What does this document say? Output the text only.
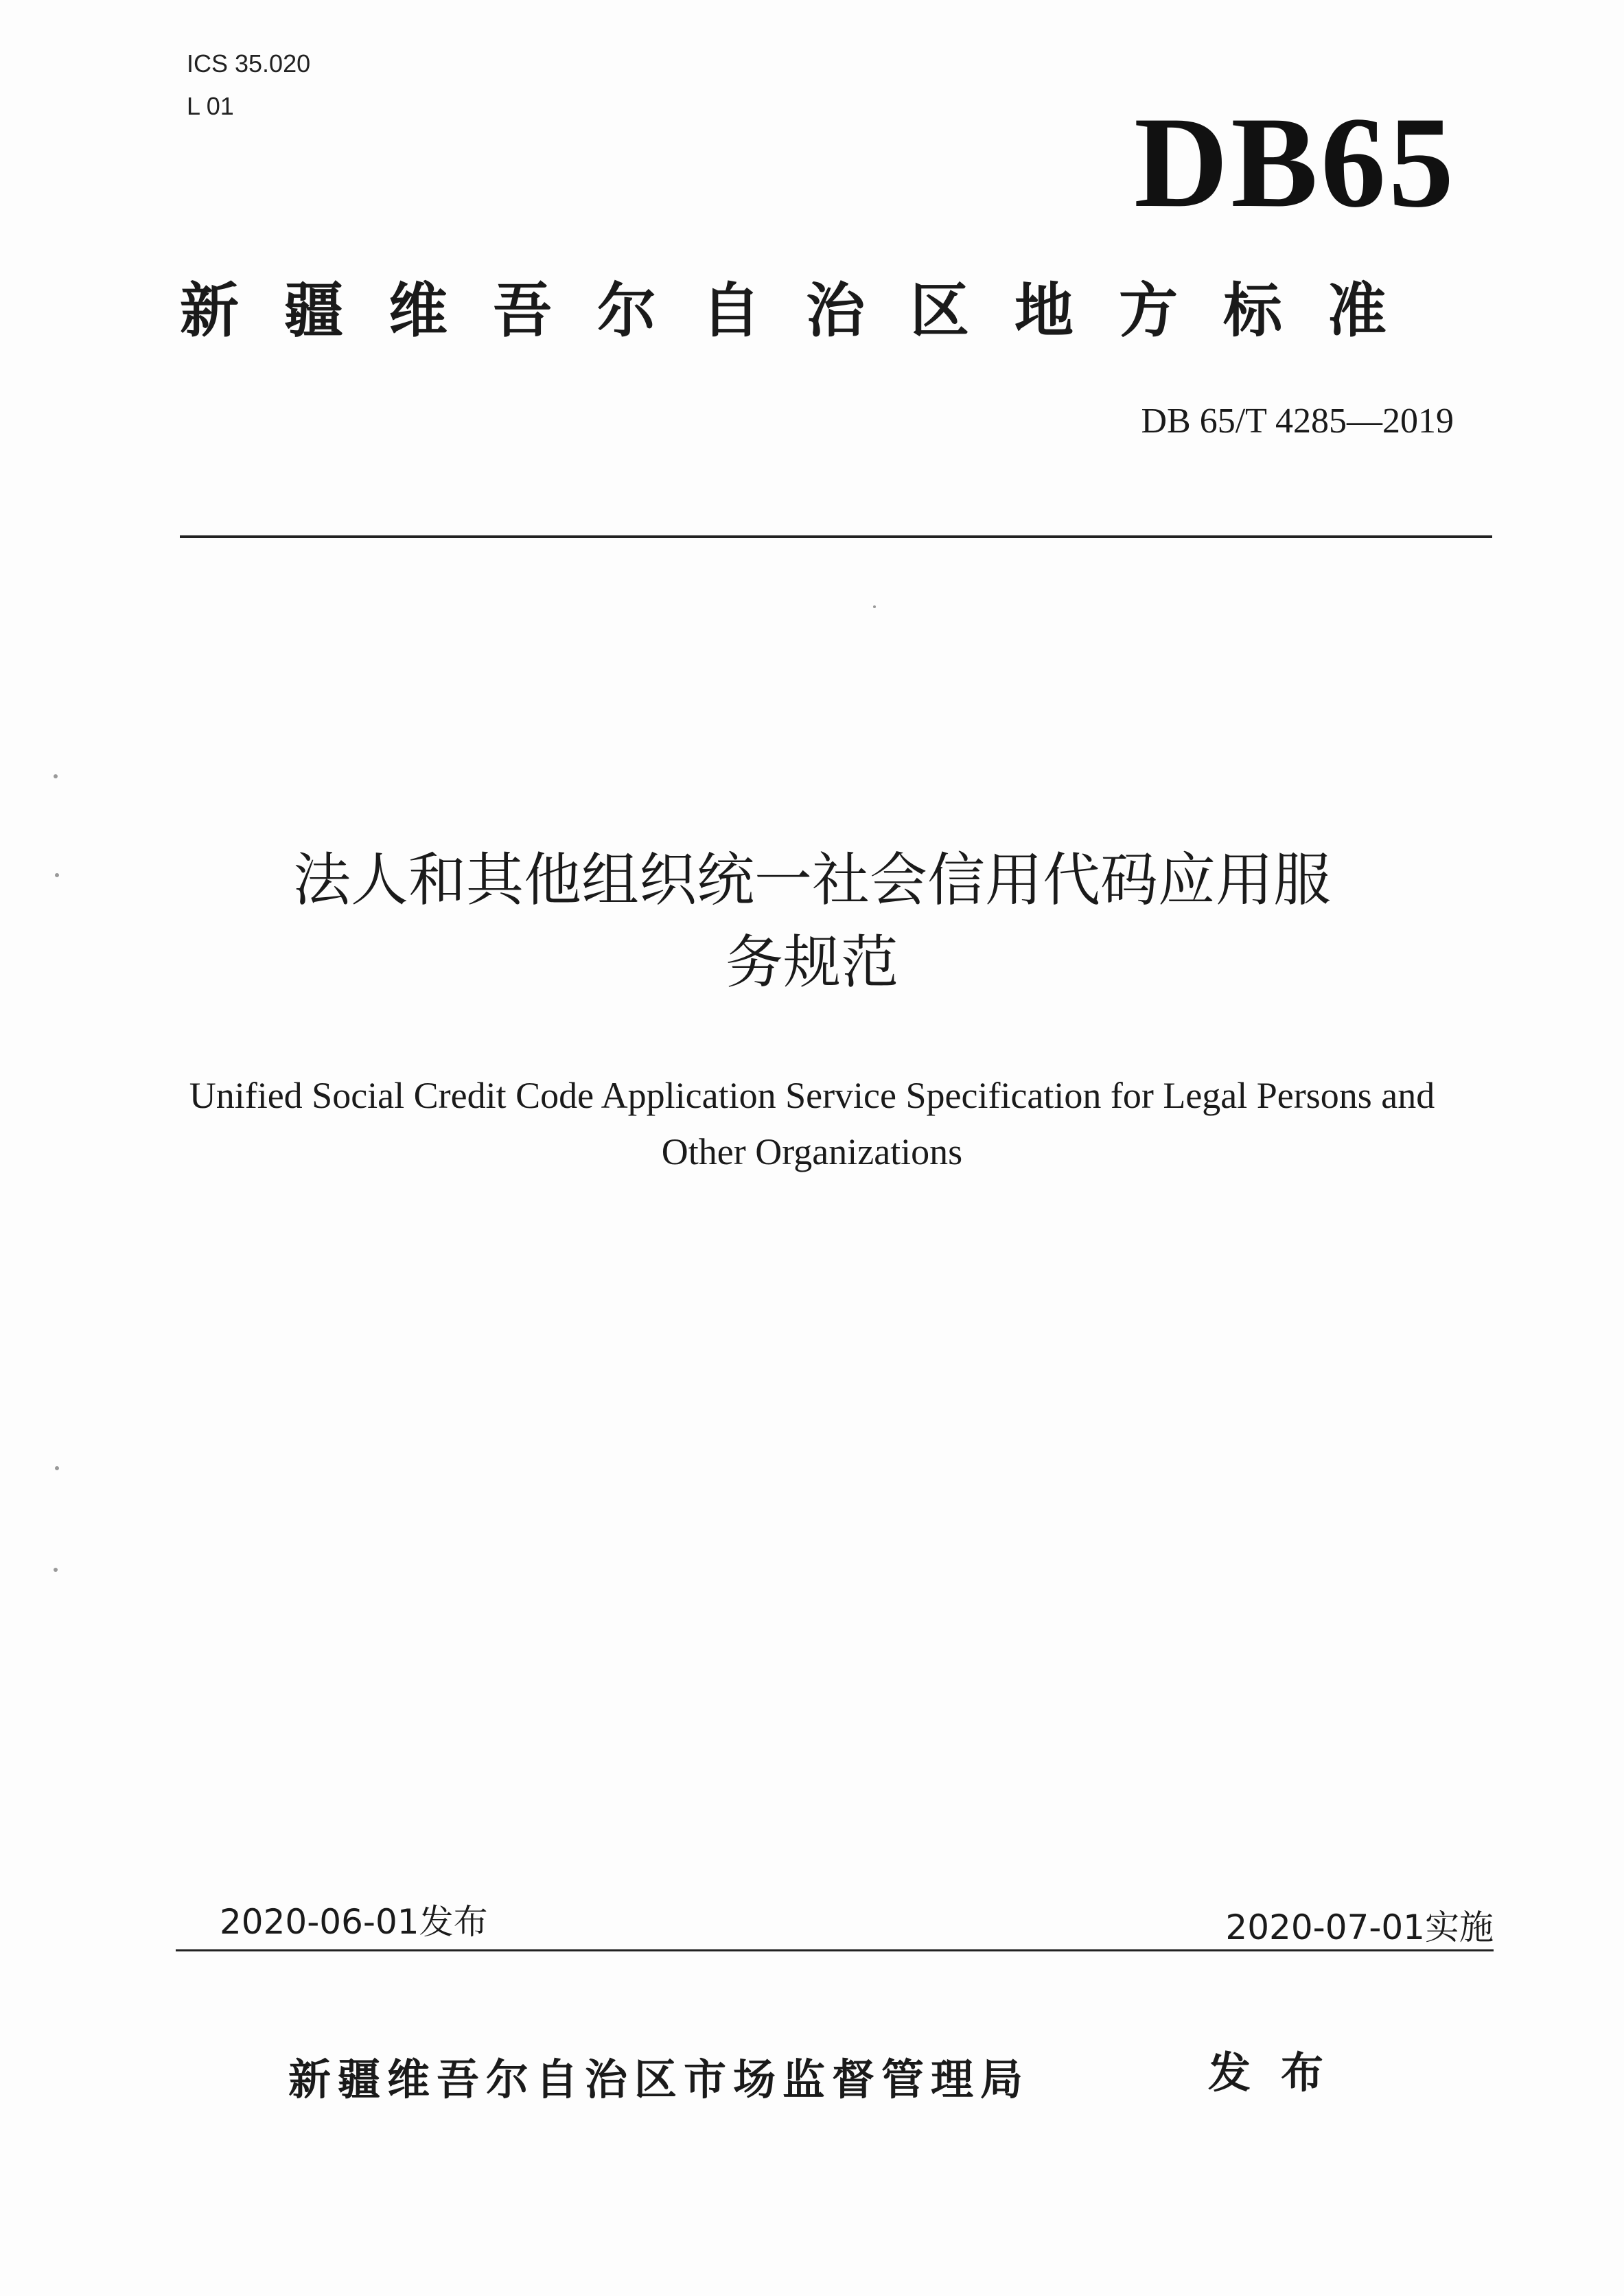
ICS 35.020
L 01	DB65
新疆维吾尔自治区地方标准
DB 65/T 4285—2019
法人和其他组织统一社会信用代码应用服
务规范
Unified Social Credit Code Application Service Specification for Legal Persons and
Other Organizations
2020-06-01发布	2020-07-01实施
新疆维吾尔自治区市场监督管理局	发布
